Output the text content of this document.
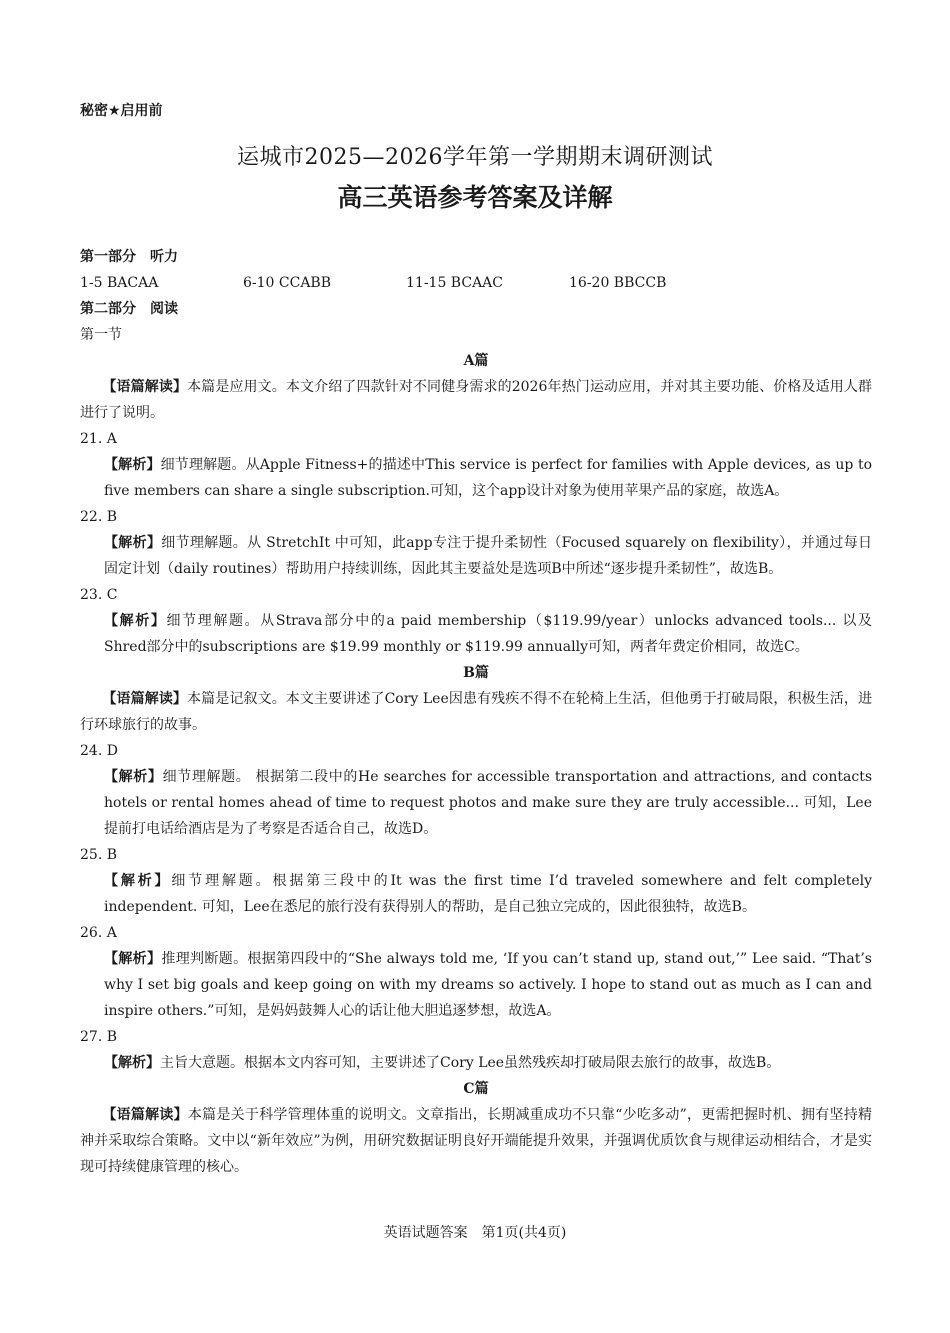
秘密★启用前
运城市2025—2026学年第一学期期末调研测试
高三英语参考答案及详解

第一部分　听力

1-5 BACAA	6-10 CCABB	11-15 BCAAC	16-20 BBCCB

第二部分　阅读

第一节

A篇

【语篇解读】本篇是应用文。本文介绍了四款针对不同健身需求的2026年热门运动应用，并对其主要功能、价格及适用人群进行了说明。

21. A

【解析】细节理解题。从Apple Fitness+的描述中This service is perfect for families with Apple devices, as up to five members can share a single subscription.可知，这个app设计对象为使用苹果产品的家庭，故选A。

22. B

【解析】细节理解题。从 StretchIt 中可知，此app专注于提升柔韧性（Focused squarely on flexibility），并通过每日固定计划（daily routines）帮助用户持续训练，因此其主要益处是选项B中所述“逐步提升柔韧性”，故选B。

23. C

【解析】细节理解题。从Strava部分中的a paid membership（$119.99/year）unlocks advanced tools... 以及Shred部分中的subscriptions are $19.99 monthly or $119.99 annually可知，两者年费定价相同，故选C。

B篇

【语篇解读】本篇是记叙文。本文主要讲述了Cory Lee因患有残疾不得不在轮椅上生活，但他勇于打破局限，积极生活，进行环球旅行的故事。

24. D

【解析】细节理解题。 根据第二段中的He searches for accessible transportation and attractions, and contacts hotels or rental homes ahead of time to request photos and make sure they are truly accessible... 可知，Lee提前打电话给酒店是为了考察是否适合自己，故选D。

25. B

【解析】细节理解题。根据第三段中的It was the first time I’d traveled somewhere and felt completely independent. 可知，Lee在悉尼的旅行没有获得别人的帮助，是自己独立完成的，因此很独特，故选B。

26. A

【解析】推理判断题。根据第四段中的“She always told me, ‘If you can’t stand up, stand out,’” Lee said. “That’s why I set big goals and keep going on with my dreams so actively. I hope to stand out as much as I can and inspire others.”可知，是妈妈鼓舞人心的话让他大胆追逐梦想，故选A。

27. B

【解析】主旨大意题。根据本文内容可知，主要讲述了Cory Lee虽然残疾却打破局限去旅行的故事，故选B。

C篇

【语篇解读】本篇是关于科学管理体重的说明文。文章指出，长期减重成功不只靠“少吃多动”，更需把握时机、拥有坚持精神并采取综合策略。文中以“新年效应”为例，用研究数据证明良好开端能提升效果，并强调优质饮食与规律运动相结合，才是实现可持续健康管理的核心。

英语试题答案　第1页(共4页)
